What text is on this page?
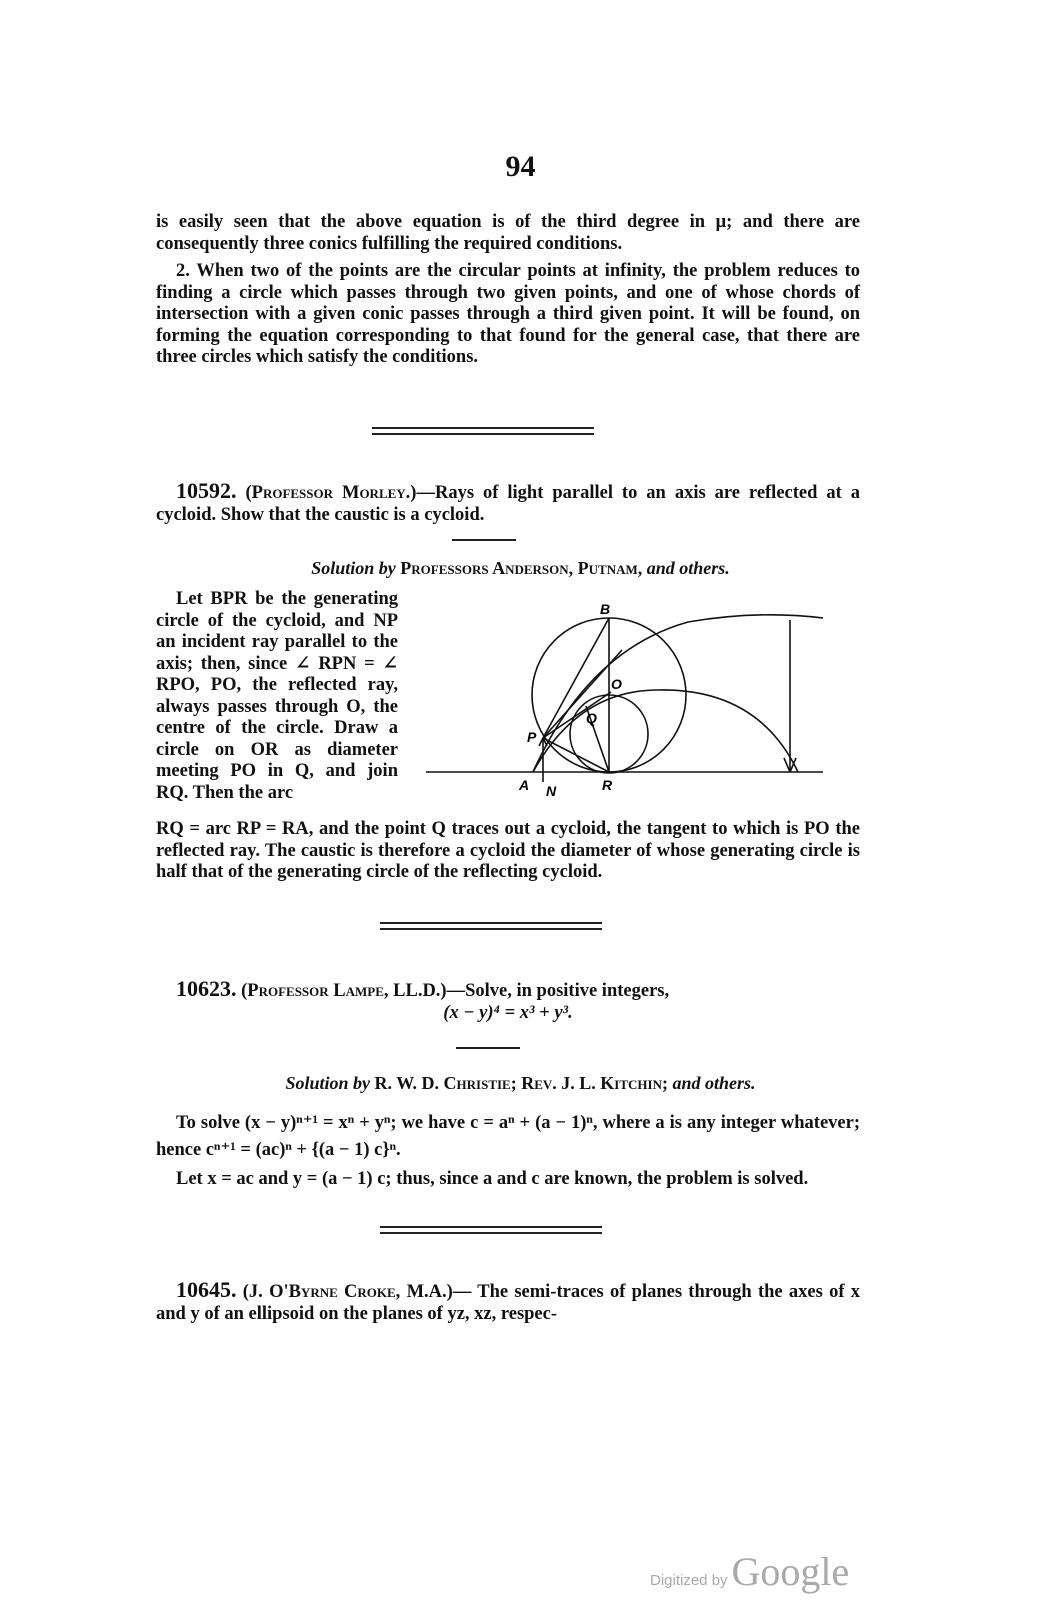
94

is easily seen that the above equation is of the third degree in μ; and there are consequently three conics fulfilling the required conditions.

2. When two of the points are the circular points at infinity, the problem reduces to finding a circle which passes through two given points, and one of whose chords of intersection with a given conic passes through a third given point. It will be found, on forming the equation corresponding to that found for the general case, that there are three circles which satisfy the conditions.

10592. (Professor Morley.)—Rays of light parallel to an axis are reflected at a cycloid. Show that the caustic is a cycloid.

Solution by Professors Anderson, Putnam, and others.

Let BPR be the generating circle of the cycloid, and NP an incident ray parallel to the axis; then, since ∠ RPN = ∠ RPO, PO, the reflected ray, always passes through O, the centre of the circle. Draw a circle on OR as diameter meeting PO in Q, and join RQ. Then the arc

B
O
Q
P
A N	R

RQ = arc RP = RA, and the point Q traces out a cycloid, the tangent to which is PO the reflected ray. The caustic is therefore a cycloid the diameter of whose generating circle is half that of the generating circle of the reflecting cycloid.

10623. (Professor Lampe, LL.D.)—Solve, in positive integers,

(x − y)⁴ = x³ + y³.

Solution by R. W. D. Christie; Rev. J. L. Kitchin; and others.

To solve (x − y)ⁿ⁺¹ = xⁿ + yⁿ; we have c = aⁿ + (a − 1)ⁿ, where a is any integer whatever; hence cⁿ⁺¹ = (ac)ⁿ + {(a − 1) c}ⁿ.

Let x = ac and y = (a − 1) c; thus, since a and c are known, the problem is solved.

10645. (J. O'Byrne Croke, M.A.)— The semi-traces of planes through the axes of x and y of an ellipsoid on the planes of yz, xz, respec-

Digitized by Google
